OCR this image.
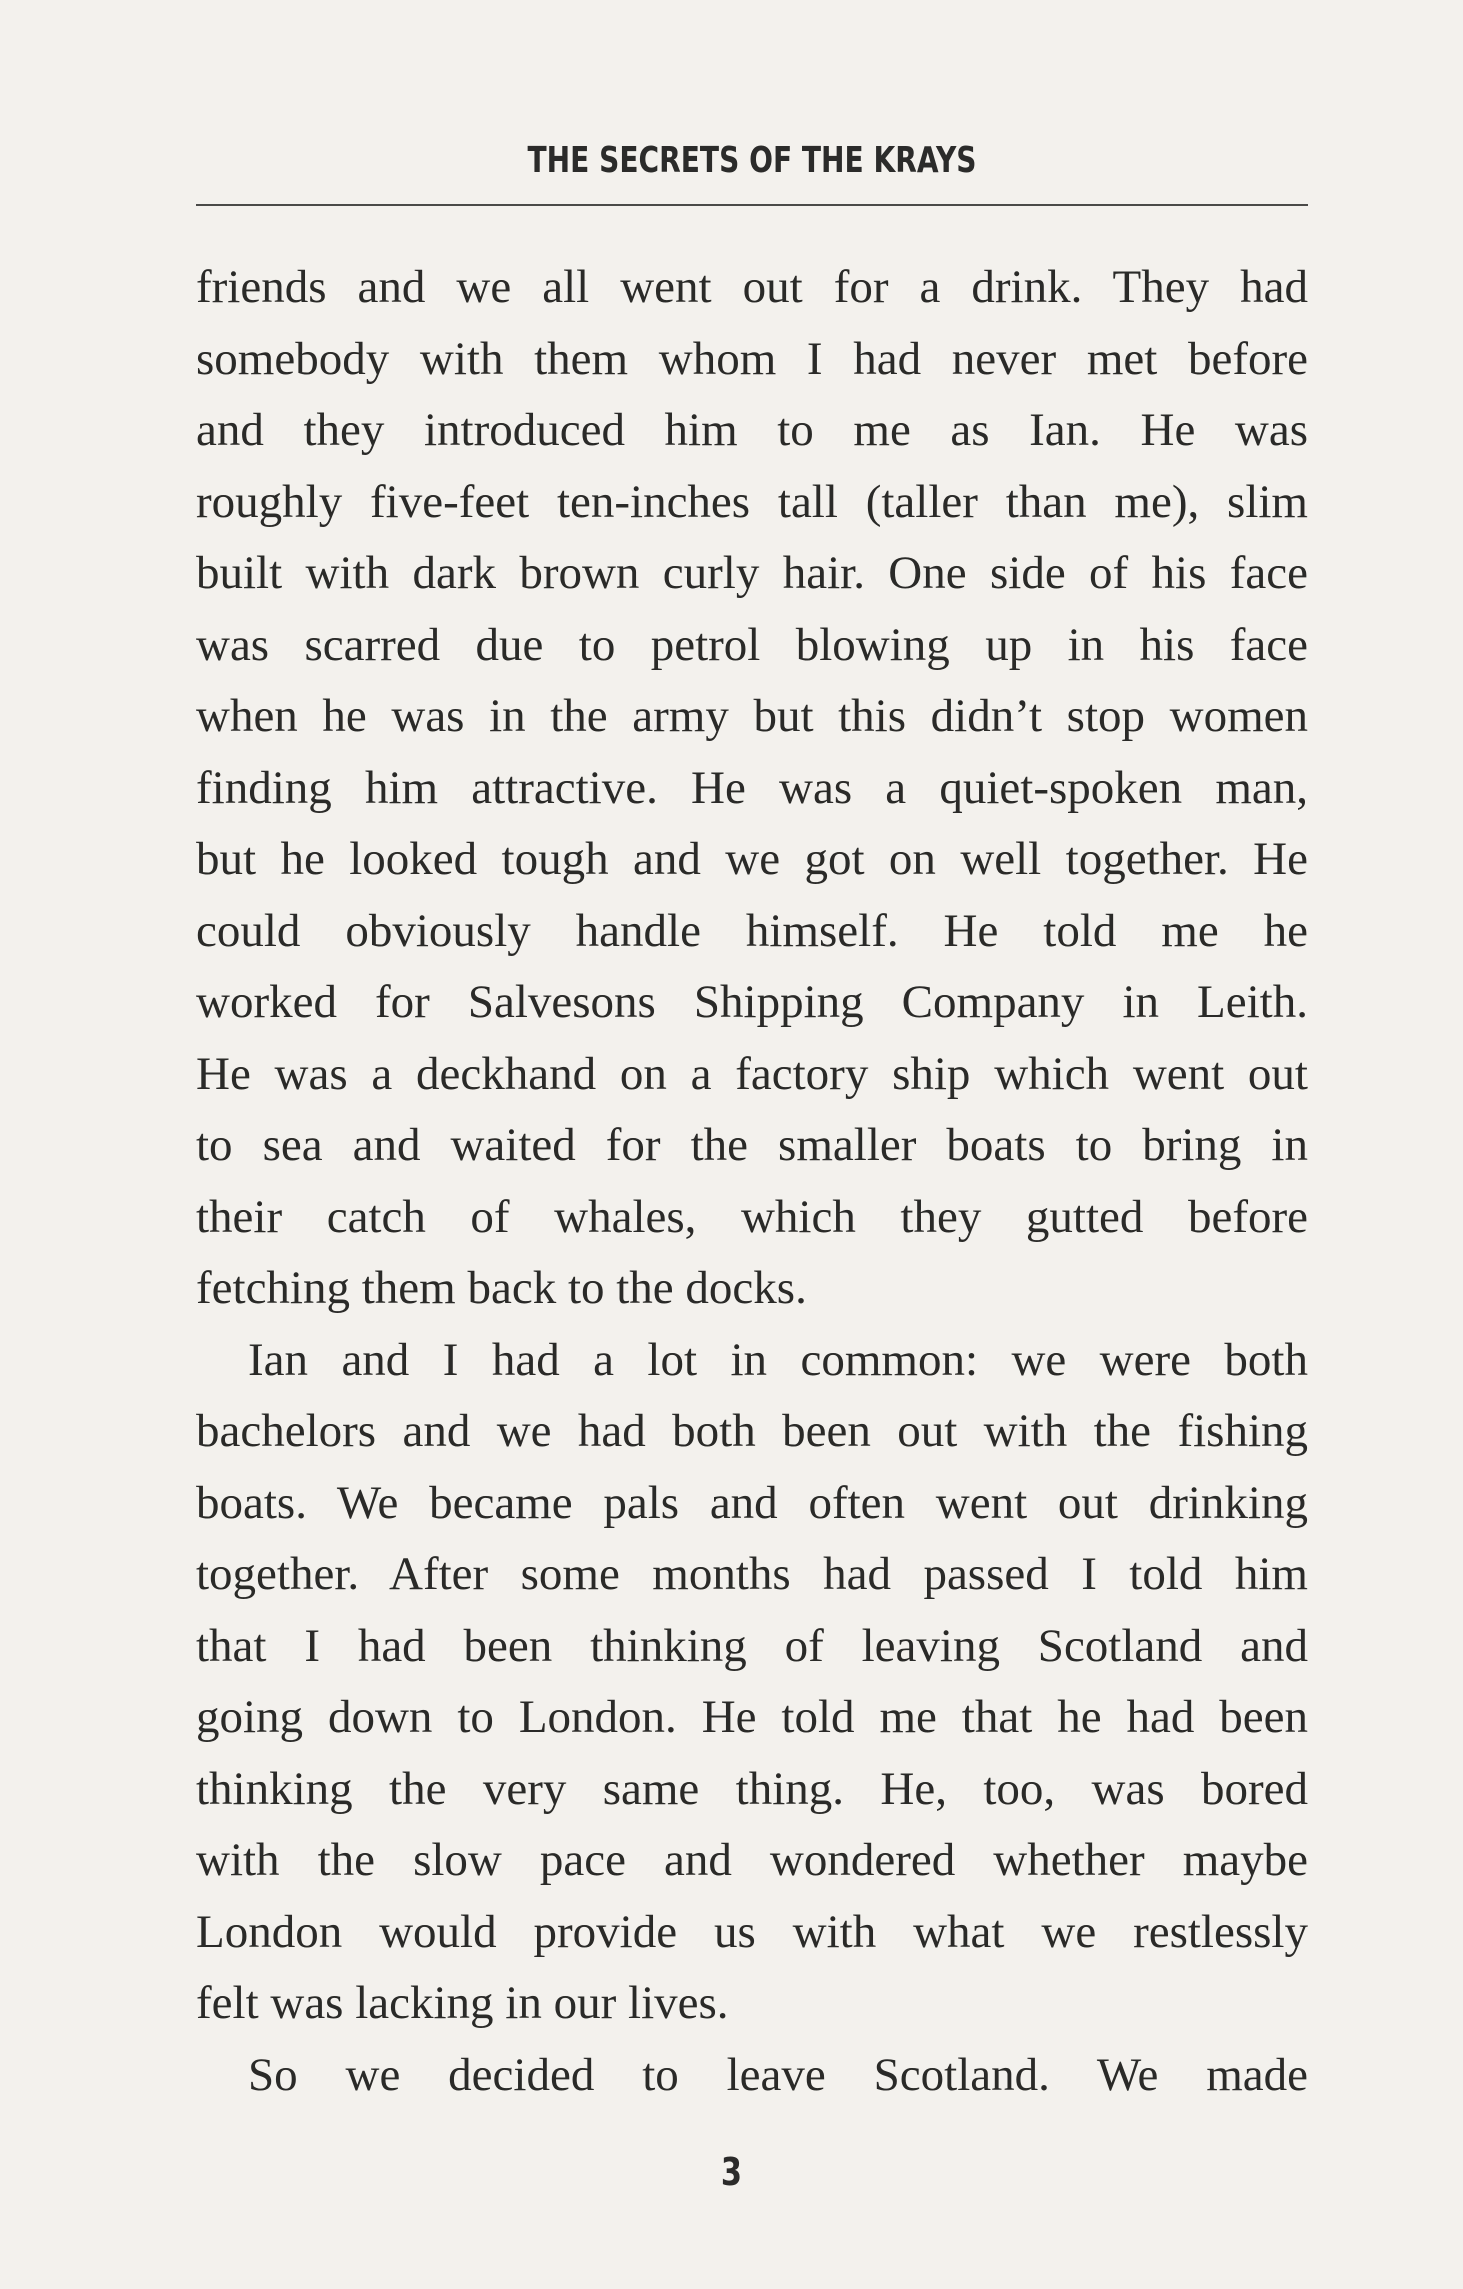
THE SECRETS OF THE KRAYS
friends and we all went out for a drink. They had
somebody with them whom I had never met before
and they introduced him to me as Ian. He was
roughly five-feet ten-inches tall (taller than me), slim
built with dark brown curly hair. One side of his face
was scarred due to petrol blowing up in his face
when he was in the army but this didn’t stop women
finding him attractive. He was a quiet-spoken man,
but he looked tough and we got on well together. He
could obviously handle himself. He told me he
worked for Salvesons Shipping Company in Leith.
He was a deckhand on a factory ship which went out
to sea and waited for the smaller boats to bring in
their catch of whales, which they gutted before
fetching them back to the docks.
Ian and I had a lot in common: we were both
bachelors and we had both been out with the fishing
boats. We became pals and often went out drinking
together. After some months had passed I told him
that I had been thinking of leaving Scotland and
going down to London. He told me that he had been
thinking the very same thing. He, too, was bored
with the slow pace and wondered whether maybe
London would provide us with what we restlessly
felt was lacking in our lives.
So we decided to leave Scotland. We made
3
